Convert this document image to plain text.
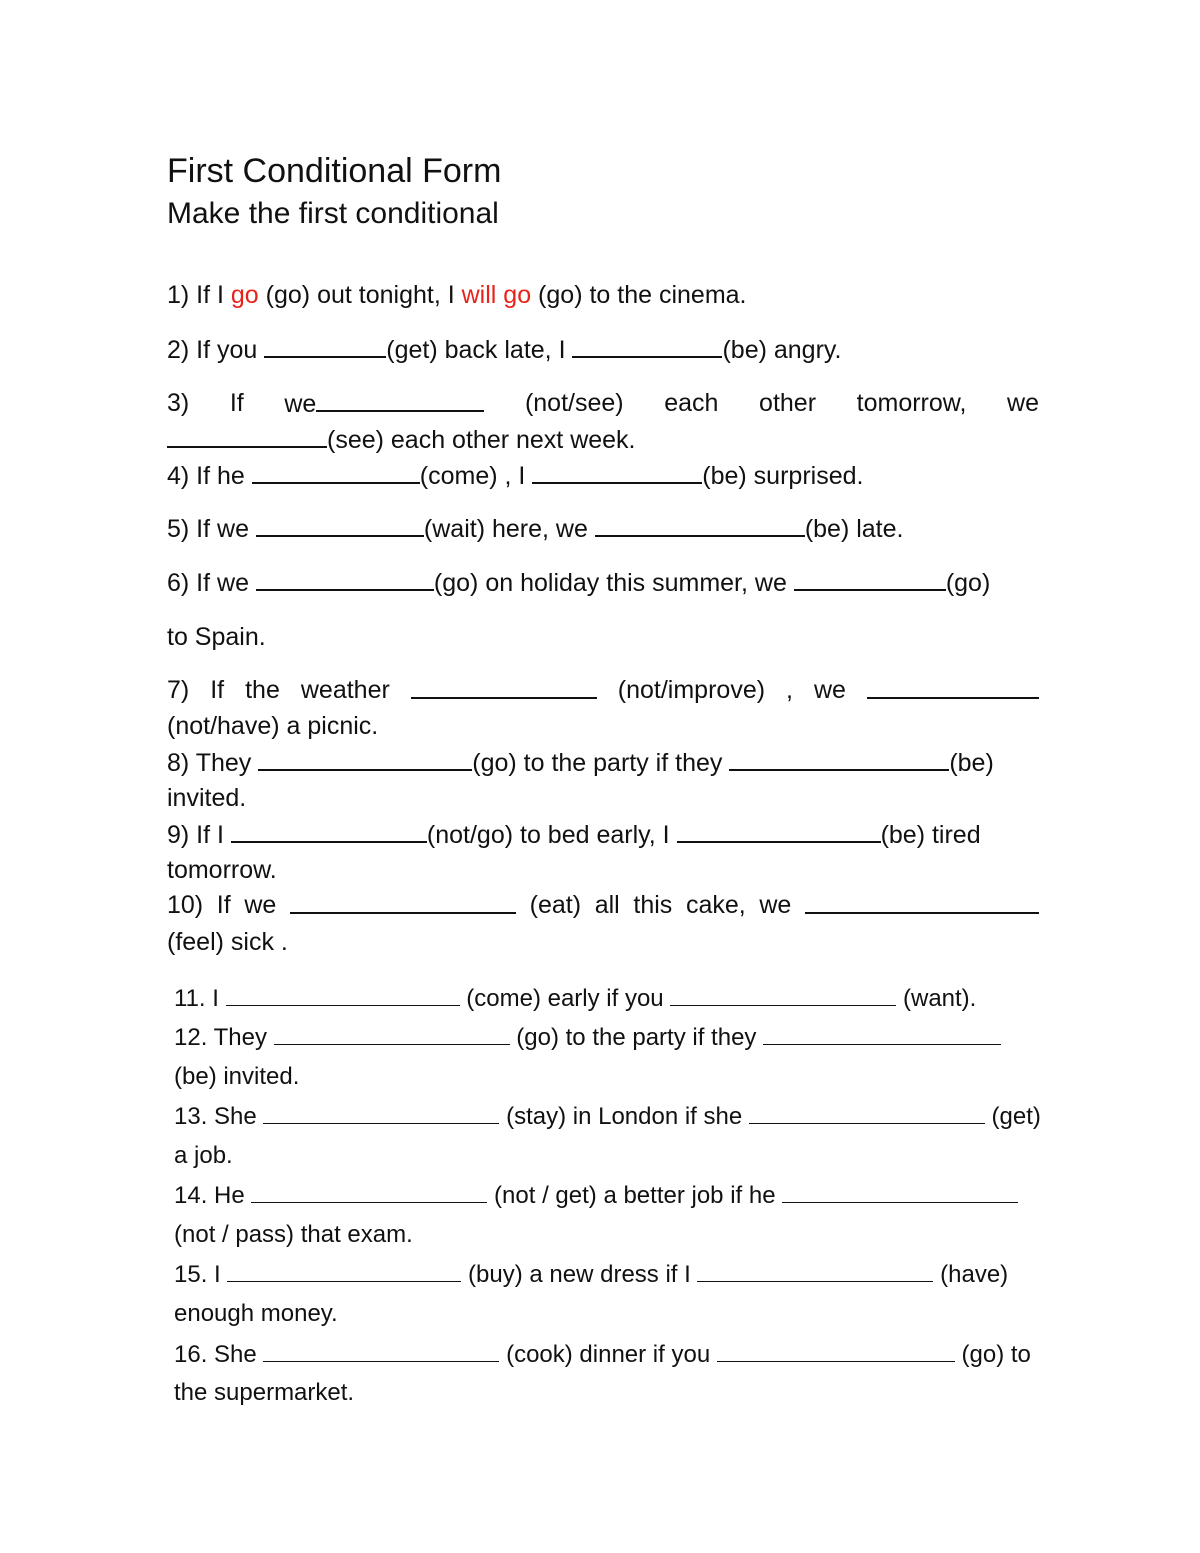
First Conditional Form
Make the first conditional
1) If I go (go) out tonight, I will go (go) to the cinema.
2) If you	(get) back late, I	(be) angry.
3) If we	(not/see) each other tomorrow, we
(see) each other next week.
4) If he	(come) , I	(be) surprised.
5) If we	(wait) here, we	(be) late.
6) If we	(go) on holiday this summer, we	(go)
to Spain.
7) If the weather	(not/improve) , we
(not/have) a picnic.
8) They	(go) to the party if they	(be)
invited.
9) If I	(not/go) to bed early, I	(be) tired
tomorrow.
10) If we	(eat) all this cake, we
(feel) sick .
11. I	(come) early if you	(want).
12. They	(go) to the party if they
(be) invited.
13. She	(stay) in London if she	(get)
a job.
14. He	(not / get) a better job if he
(not / pass) that exam.
15. I	(buy) a new dress if I	(have)
enough money.
16. She	(cook) dinner if you	(go) to
the supermarket.
